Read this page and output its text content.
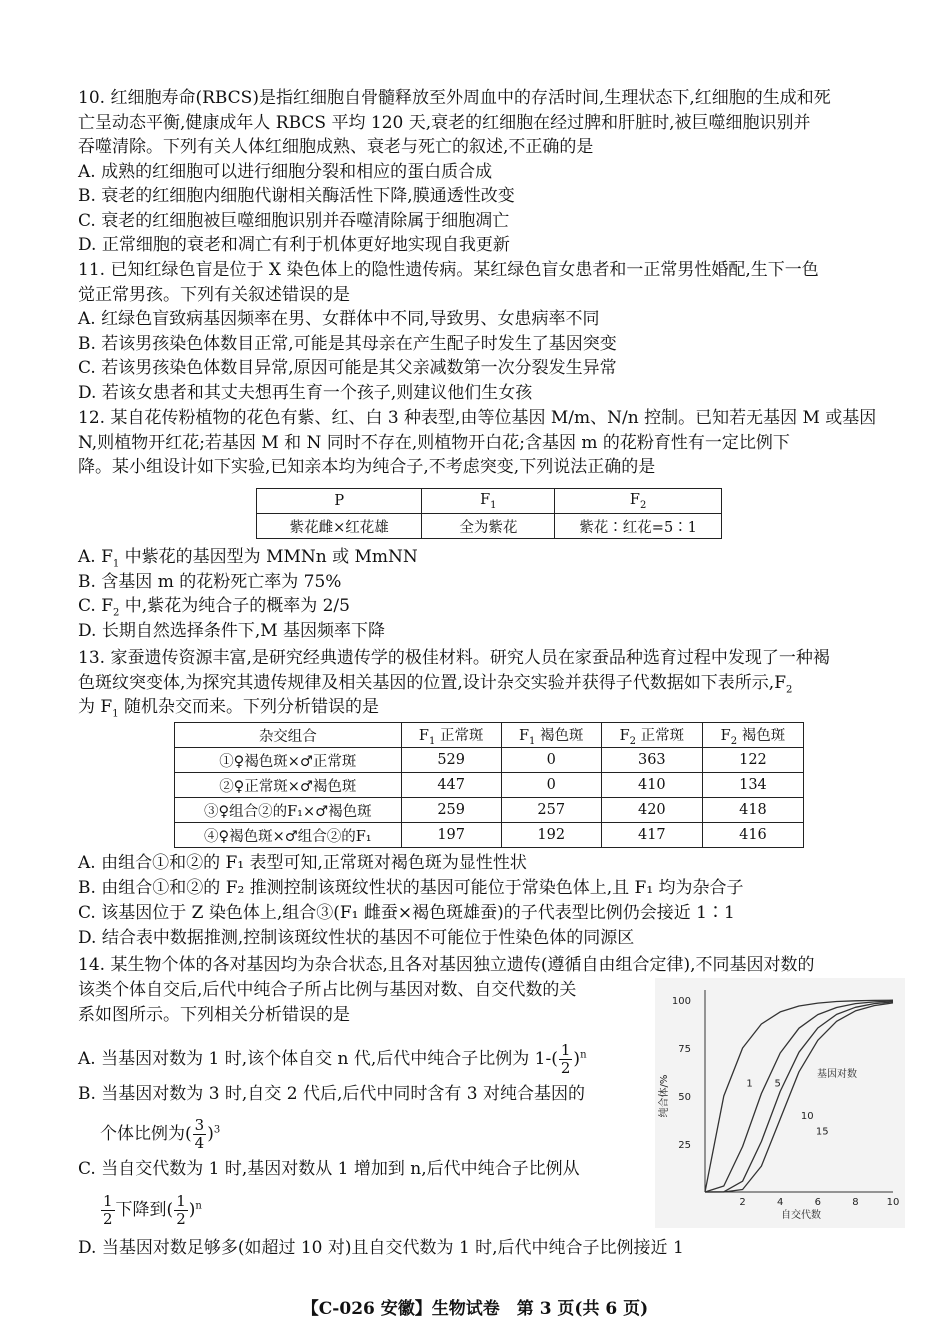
10. 红细胞寿命(RBCS)是指红细胞自骨髓释放至外周血中的存活时间,生理状态下,红细胞的生成和死
亡呈动态平衡,健康成年人 RBCS 平均 120 天,衰老的红细胞在经过脾和肝脏时,被巨噬细胞识别并
吞噬清除。下列有关人体红细胞成熟、衰老与死亡的叙述,不正确的是
A. 成熟的红细胞可以进行细胞分裂和相应的蛋白质合成
B. 衰老的红细胞内细胞代谢相关酶活性下降,膜通透性改变
C. 衰老的红细胞被巨噬细胞识别并吞噬清除属于细胞凋亡
D. 正常细胞的衰老和凋亡有利于机体更好地实现自我更新
11. 已知红绿色盲是位于 X 染色体上的隐性遗传病。某红绿色盲女患者和一正常男性婚配,生下一色
觉正常男孩。下列有关叙述错误的是
A. 红绿色盲致病基因频率在男、女群体中不同,导致男、女患病率不同
B. 若该男孩染色体数目正常,可能是其母亲在产生配子时发生了基因突变
C. 若该男孩染色体数目异常,原因可能是其父亲减数第一次分裂发生异常
D. 若该女患者和其丈夫想再生育一个孩子,则建议他们生女孩
12. 某自花传粉植物的花色有紫、红、白 3 种表型,由等位基因 M/m、N/n 控制。已知若无基因 M 或基因
N,则植物开红花;若基因 M 和 N 同时不存在,则植物开白花;含基因 m 的花粉育性有一定比例下
降。某小组设计如下实验,已知亲本均为纯合子,不考虑突变,下列说法正确的是
P	$F_1$	$F_2$
紫花雌×红花雄	全为紫花	紫花∶红花=5∶1
A. $F_1$ 中紫花的基因型为 MMNn 或 MmNN
B. 含基因 m 的花粉死亡率为 75%
C. $F_2$ 中,紫花为纯合子的概率为 2/5
D. 长期自然选择条件下,M 基因频率下降
13. 家蚕遗传资源丰富,是研究经典遗传学的极佳材料。研究人员在家蚕品种选育过程中发现了一种褐
色斑纹突变体,为探究其遗传规律及相关基因的位置,设计杂交实验并获得子代数据如下表所示$,F_2$
为 $F_1$ 随机杂交而来。下列分析错误的是
杂交组合	$F_1$ 正常斑	$F_1$ 褐色斑	$F_2$ 正常斑	$F_2$ 褐色斑
①♀褐色斑×♂正常斑	529	0	363	122
②♀正常斑×♂褐色斑	447	0	410	134
③♀组合②的F₁×♂褐色斑	259	257	420	418
④♀褐色斑×♂组合②的F₁	197	192	417	416
A. 由组合①和②的 F₁ 表型可知,正常斑对褐色斑为显性性状
B. 由组合①和②的 F₂ 推测控制该斑纹性状的基因可能位于常染色体上,且 F₁ 均为杂合子
C. 该基因位于 Z 染色体上,组合③(F₁ 雌蚕×褐色斑雄蚕)的子代表型比例仍会接近 1∶1
D. 结合表中数据推测,控制该斑纹性状的基因不可能位于性染色体的同源区
14. 某生物个体的各对基因均为杂合状态,且各对基因独立遗传(遵循自由组合定律),不同基因对数的
该类个体自交后,后代中纯合子所占比例与基因对数、自交代数的关
系如图所示。下列相关分析错误的是
A. 当基因对数为 1 时,该个体自交 n 代,后代中纯合子比例为 $1-( \frac{1}{2} )^n$
B. 当基因对数为 3 时,自交 2 代后,后代中同时含有 3 对纯合基因的
个体比例为( $\frac{3}{4} )^3$
C. 当自交代数为 1 时,基因对数从 1 增加到 n,后代中纯合子比例从
$\frac{1}{2}$ 下降到( $\frac{1}{2} )^n$
D. 当基因对数足够多(如超过 10 对)且自交代数为 1 时,后代中纯合子比例接近 1
2	4	6	8	10
25
50
75
100
1 5
10
15
纯合体/%
自交代数
基因对数
【C-026 安徽】生物试卷　第 3 页(共 6 页)
